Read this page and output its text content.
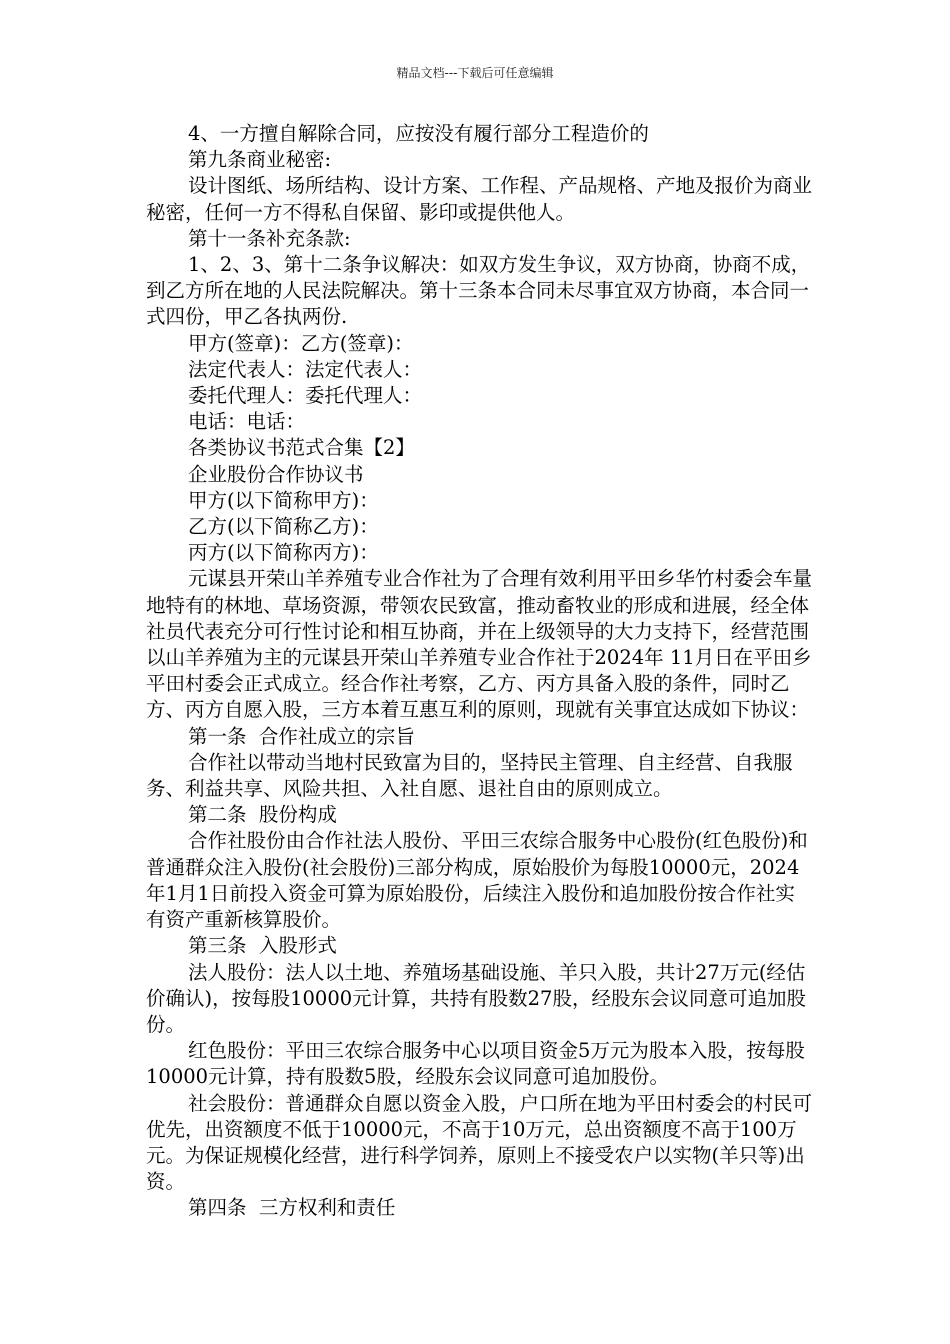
精品文档---下载后可任意编辑

4、一方擅自解除合同，应按没有履行部分工程造价的

第九条商业秘密:

设计图纸、场所结构、设计方案、工作程、产品规格、产地及报价为商业秘密，任何一方不得私自保留、影印或提供他人。

第十一条补充条款:

1、2、3、第十二条争议解决：如双方发生争议，双方协商，协商不成，到乙方所在地的人民法院解决。第十三条本合同未尽事宜双方协商，本合同一式四份，甲乙各执两份.

甲方(签章)：乙方(签章)：

法定代表人：法定代表人：

委托代理人：委托代理人：

电话：电话：

各类协议书范式合集【2】

企业股份合作协议书

甲方(以下简称甲方)：

乙方(以下简称乙方)：

丙方(以下简称丙方)：

元谋县开荣山羊养殖专业合作社为了合理有效利用平田乡华竹村委会车量地特有的林地、草场资源，带领农民致富，推动畜牧业的形成和进展，经全体社员代表充分可行性讨论和相互协商，并在上级领导的大力支持下，经营范围以山羊养殖为主的元谋县开荣山羊养殖专业合作社于2024年 11月日在平田乡平田村委会正式成立。经合作社考察，乙方、丙方具备入股的条件，同时乙方、丙方自愿入股，三方本着互惠互利的原则，现就有关事宜达成如下协议：

第一条  合作社成立的宗旨

合作社以带动当地村民致富为目的，坚持民主管理、自主经营、自我服务、利益共享、风险共担、入社自愿、退社自由的原则成立。

第二条  股份构成

合作社股份由合作社法人股份、平田三农综合服务中心股份(红色股份)和普通群众注入股份(社会股份)三部分构成，原始股价为每股10000元，2024年1月1日前投入资金可算为原始股份，后续注入股份和追加股份按合作社实有资产重新核算股价。

第三条  入股形式

法人股份：法人以土地、养殖场基础设施、羊只入股，共计27万元(经估价确认)，按每股10000元计算，共持有股数27股，经股东会议同意可追加股份。

红色股份：平田三农综合服务中心以项目资金5万元为股本入股，按每股10000元计算，持有股数5股，经股东会议同意可追加股份。

社会股份：普通群众自愿以资金入股，户口所在地为平田村委会的村民可优先，出资额度不低于10000元，不高于10万元，总出资额度不高于100万元。为保证规模化经营，进行科学饲养，原则上不接受农户以实物(羊只等)出资。

第四条  三方权利和责任
